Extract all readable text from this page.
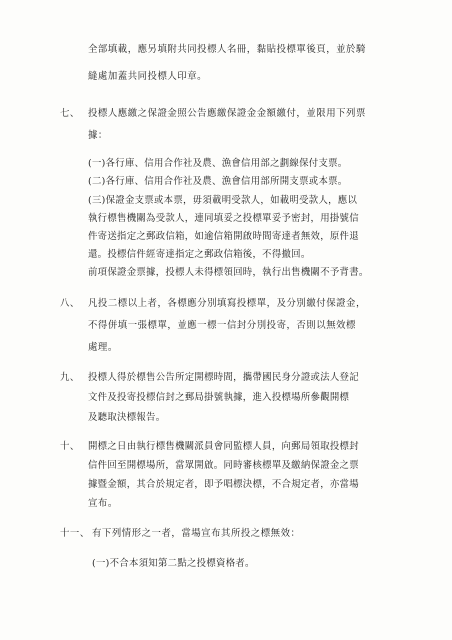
全部填載，應另填附共同投標人名冊，黏貼投標單後頁，並於騎
縫處加蓋共同投標人印章。
七、 投標人應繳之保證金照公告應繳保證金金額繳付，並限用下列票
據：
(一)各行庫、信用合作社及農、漁會信用部之劃線保付支票。
(二)各行庫、信用合作社及農、漁會信用部所開支票或本票。
(三)保證金支票或本票，毋須載明受款人，如載明受款人，應以
執行標售機關為受款人，連同填妥之投標單妥予密封，用掛號信
件寄送指定之郵政信箱，如逾信箱開啟時間寄達者無效，原件退
還。投標信件經寄達指定之郵政信箱後，不得撤回。
前項保證金票據，投標人未得標領回時，執行出售機關不予背書。
八、 凡投二標以上者，各標應分別填寫投標單，及分別繳付保證金，
不得併填一張標單，並應一標一信封分別投寄，否則以無效標
處理。
九、 投標人得於標售公告所定開標時間，攜帶國民身分證或法人登記
文件及投寄投標信封之郵局掛號執據，進入投標場所參觀開標
及聽取決標報告。
十、 開標之日由執行標售機關派員會同監標人員，向郵局領取投標封
信件回至開標場所，當眾開啟。同時審核標單及繳納保證金之票
據暨金額，其合於規定者，即予唱標決標，不合規定者，亦當場
宣布。
十一、 有下列情形之一者，當場宣布其所投之標無效：
(一)不合本須知第二點之投標資格者。
